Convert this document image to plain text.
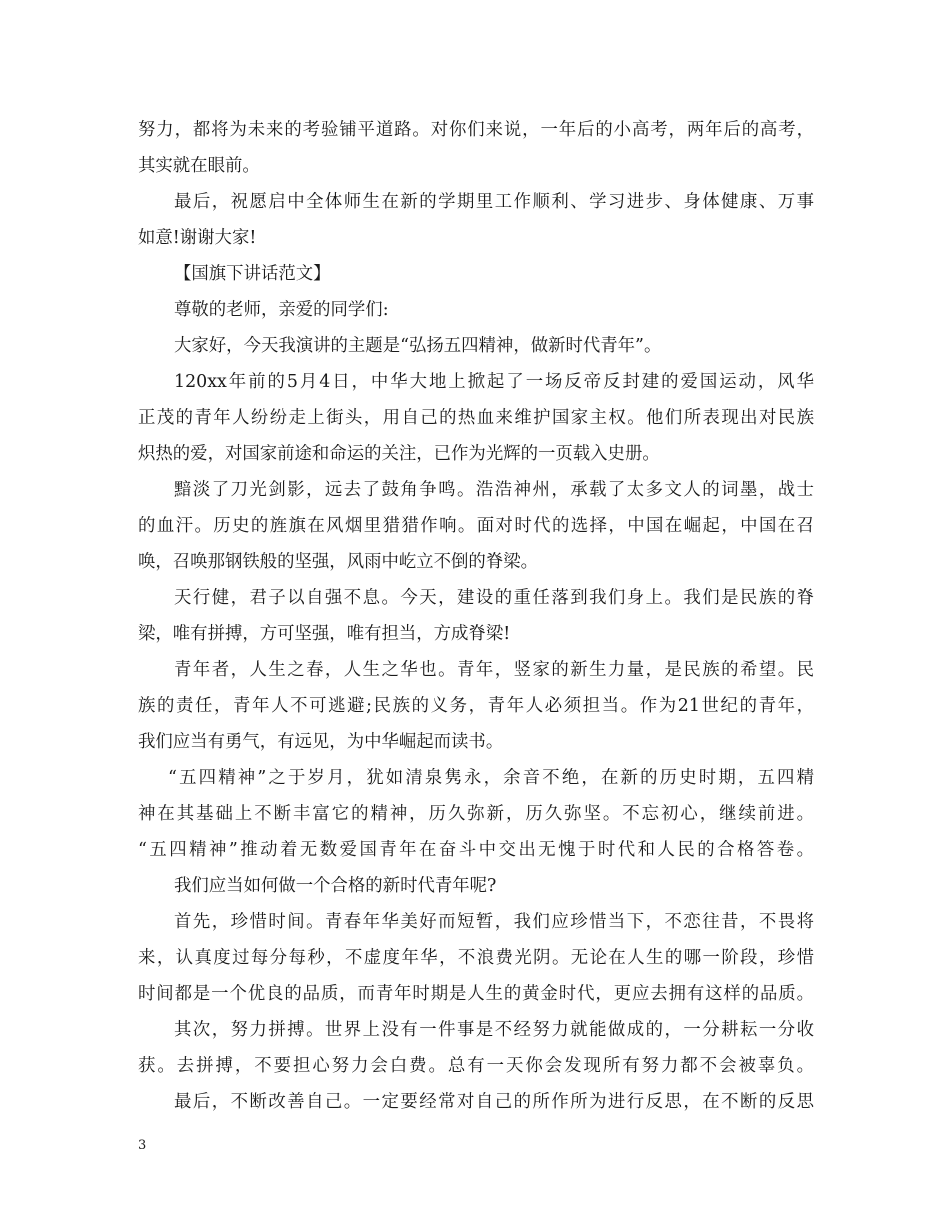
努力，都将为未来的考验铺平道路。对你们来说，一年后的小高考，两年后的高考，
其实就在眼前。
最后，祝愿启中全体师生在新的学期里工作顺利、学习进步、身体健康、万事
如意!谢谢大家!
【国旗下讲话范文】
尊敬的老师，亲爱的同学们:
大家好，今天我演讲的主题是“弘扬五四精神，做新时代青年”。
120xx年前的5月4日，中华大地上掀起了一场反帝反封建的爱国运动，风华
正茂的青年人纷纷走上街头，用自己的热血来维护国家主权。他们所表现出对民族
炽热的爱，对国家前途和命运的关注，已作为光辉的一页载入史册。
黯淡了刀光剑影，远去了鼓角争鸣。浩浩神州，承载了太多文人的词墨，战士
的血汗。历史的旌旗在风烟里猎猎作响。面对时代的选择，中国在崛起，中国在召
唤，召唤那钢铁般的坚强，风雨中屹立不倒的脊梁。
天行健，君子以自强不息。今天，建设的重任落到我们身上。我们是民族的脊
梁，唯有拼搏，方可坚强，唯有担当，方成脊梁!
青年者，人生之春，人生之华也。青年，竖家的新生力量，是民族的希望。民
族的责任，青年人不可逃避;民族的义务，青年人必须担当。作为21世纪的青年，
我们应当有勇气，有远见，为中华崛起而读书。
“五四精神”之于岁月，犹如清泉隽永，余音不绝，在新的历史时期，五四精
神在其基础上不断丰富它的精神，历久弥新，历久弥坚。不忘初心，继续前进。
“五四精神”推动着无数爱国青年在奋斗中交出无愧于时代和人民的合格答卷。
我们应当如何做一个合格的新时代青年呢?
首先，珍惜时间。青春年华美好而短暂，我们应珍惜当下，不恋往昔，不畏将
来，认真度过每分每秒，不虚度年华，不浪费光阴。无论在人生的哪一阶段，珍惜
时间都是一个优良的品质，而青年时期是人生的黄金时代，更应去拥有这样的品质。
其次，努力拼搏。世界上没有一件事是不经努力就能做成的，一分耕耘一分收
获。去拼搏，不要担心努力会白费。总有一天你会发现所有努力都不会被辜负。
最后，不断改善自己。一定要经常对自己的所作所为进行反思，在不断的反思
3
